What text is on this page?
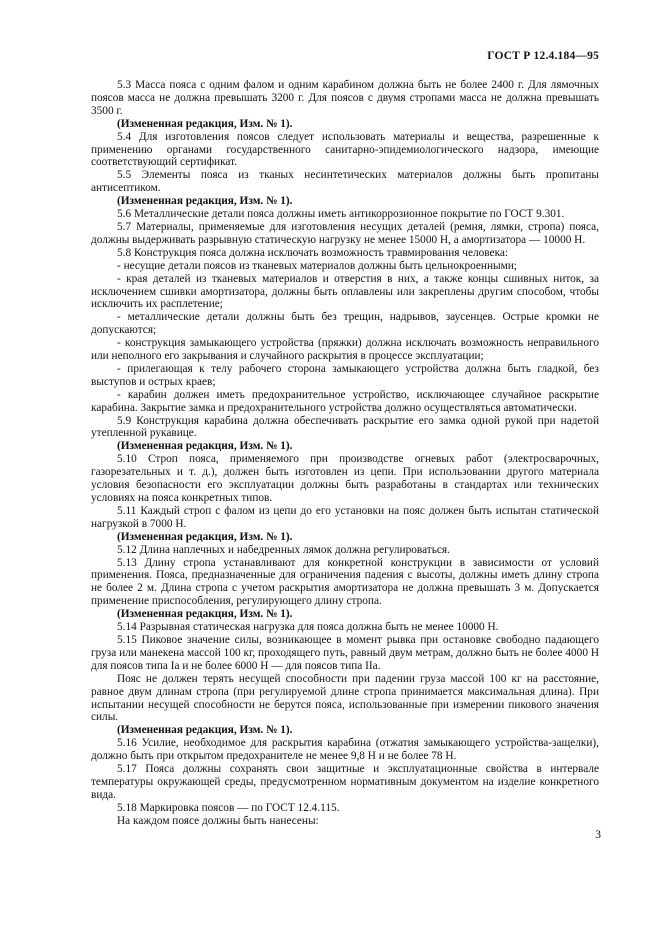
ГОСТ Р 12.4.184—95

5.3 Масса пояса с одним фалом и одним карабином должна быть не более 2400 г. Для лямочных поясов масса не должна превышать 3200 г. Для поясов с двумя стропами масса не должна превышать 3500 г.

(Измененная редакция, Изм. № 1).

5.4 Для изготовления поясов следует использовать материалы и вещества, разрешенные к применению органами государственного санитарно-эпидемиологического надзора, имеющие соответствующий сертификат.

5.5 Элементы пояса из тканых несинтетических материалов должны быть пропитаны антисептиком.

(Измененная редакция, Изм. № 1).

5.6 Металлические детали пояса должны иметь антикоррозионное покрытие по ГОСТ 9.301.

5.7 Материалы, применяемые для изготовления несущих деталей (ремня, лямки, стропа) пояса, должны выдерживать разрывную статическую нагрузку не менее 15000 Н, а амортизатора — 10000 Н.

5.8 Конструкция пояса должна исключать возможность травмирования человека:

- несущие детали поясов из тканевых материалов должны быть цельнокроенными;

- края деталей из тканевых материалов и отверстия в них, а также концы сшивных ниток, за исключением сшивки амортизатора, должны быть оплавлены или закреплены другим способом, чтобы исключить их расплетение;

- металлические детали должны быть без трещин, надрывов, заусенцев. Острые кромки не допускаются;

- конструкция замыкающего устройства (пряжки) должна исключать возможность неправильного или неполного его закрывания и случайного раскрытия в процессе эксплуатации;

- прилегающая к телу рабочего сторона замыкающего устройства должна быть гладкой, без выступов и острых краев;

- карабин должен иметь предохранительное устройство, исключающее случайное раскрытие карабина. Закрытие замка и предохранительного устройства должно осуществляться автоматически.

5.9 Конструкция карабина должна обеспечивать раскрытие его замка одной рукой при надетой утепленной рукавице.

(Измененная редакция, Изм. № 1).

5.10 Строп пояса, применяемого при производстве огневых работ (электросварочных, газорезательных и т. д.), должен быть изготовлен из цепи. При использовании другого материала условия безопасности его эксплуатации должны быть разработаны в стандартах или технических условиях на пояса конкретных типов.

5.11 Каждый строп с фалом из цепи до его установки на пояс должен быть испытан статической нагрузкой в 7000 Н.

(Измененная редакция, Изм. № 1).

5.12 Длина наплечных и набедренных лямок должна регулироваться.

5.13 Длину стропа устанавливают для конкретной конструкции в зависимости от условий применения. Пояса, предназначенные для ограничения падения с высоты, должны иметь длину стропа не более 2 м. Длина стропа с учетом раскрытия амортизатора не должна превышать 3 м. Допускается применение приспособления, регулирующего длину стропа.

(Измененная редакция, Изм. № 1).

5.14 Разрывная статическая нагрузка для пояса должна быть не менее 10000 Н.

5.15 Пиковое значение силы, возникающее в момент рывка при остановке свободно падающего груза или манекена массой 100 кг, проходящего путь, равный двум метрам, должно быть не более 4000 Н для поясов типа Ia и не более 6000 Н — для поясов типа IIa.

Пояс не должен терять несущей способности при падении груза массой 100 кг на расстояние, равное двум длинам стропа (при регулируемой длине стропа принимается максимальная длина). При испытании несущей способности не берутся пояса, использованные при измерении пикового значения силы.

(Измененная редакция, Изм. № 1).

5.16 Усилие, необходимое для раскрытия карабина (отжатия замыкающего устройства-защелки), должно быть при открытом предохранителе не менее 9,8 Н и не более 78 Н.

5.17 Пояса должны сохранять свои защитные и эксплуатационные свойства в интервале температуры окружающей среды, предусмотренном нормативным документом на изделие конкретного вида.

5.18 Маркировка поясов — по ГОСТ 12.4.115.

На каждом поясе должны быть нанесены:

3
